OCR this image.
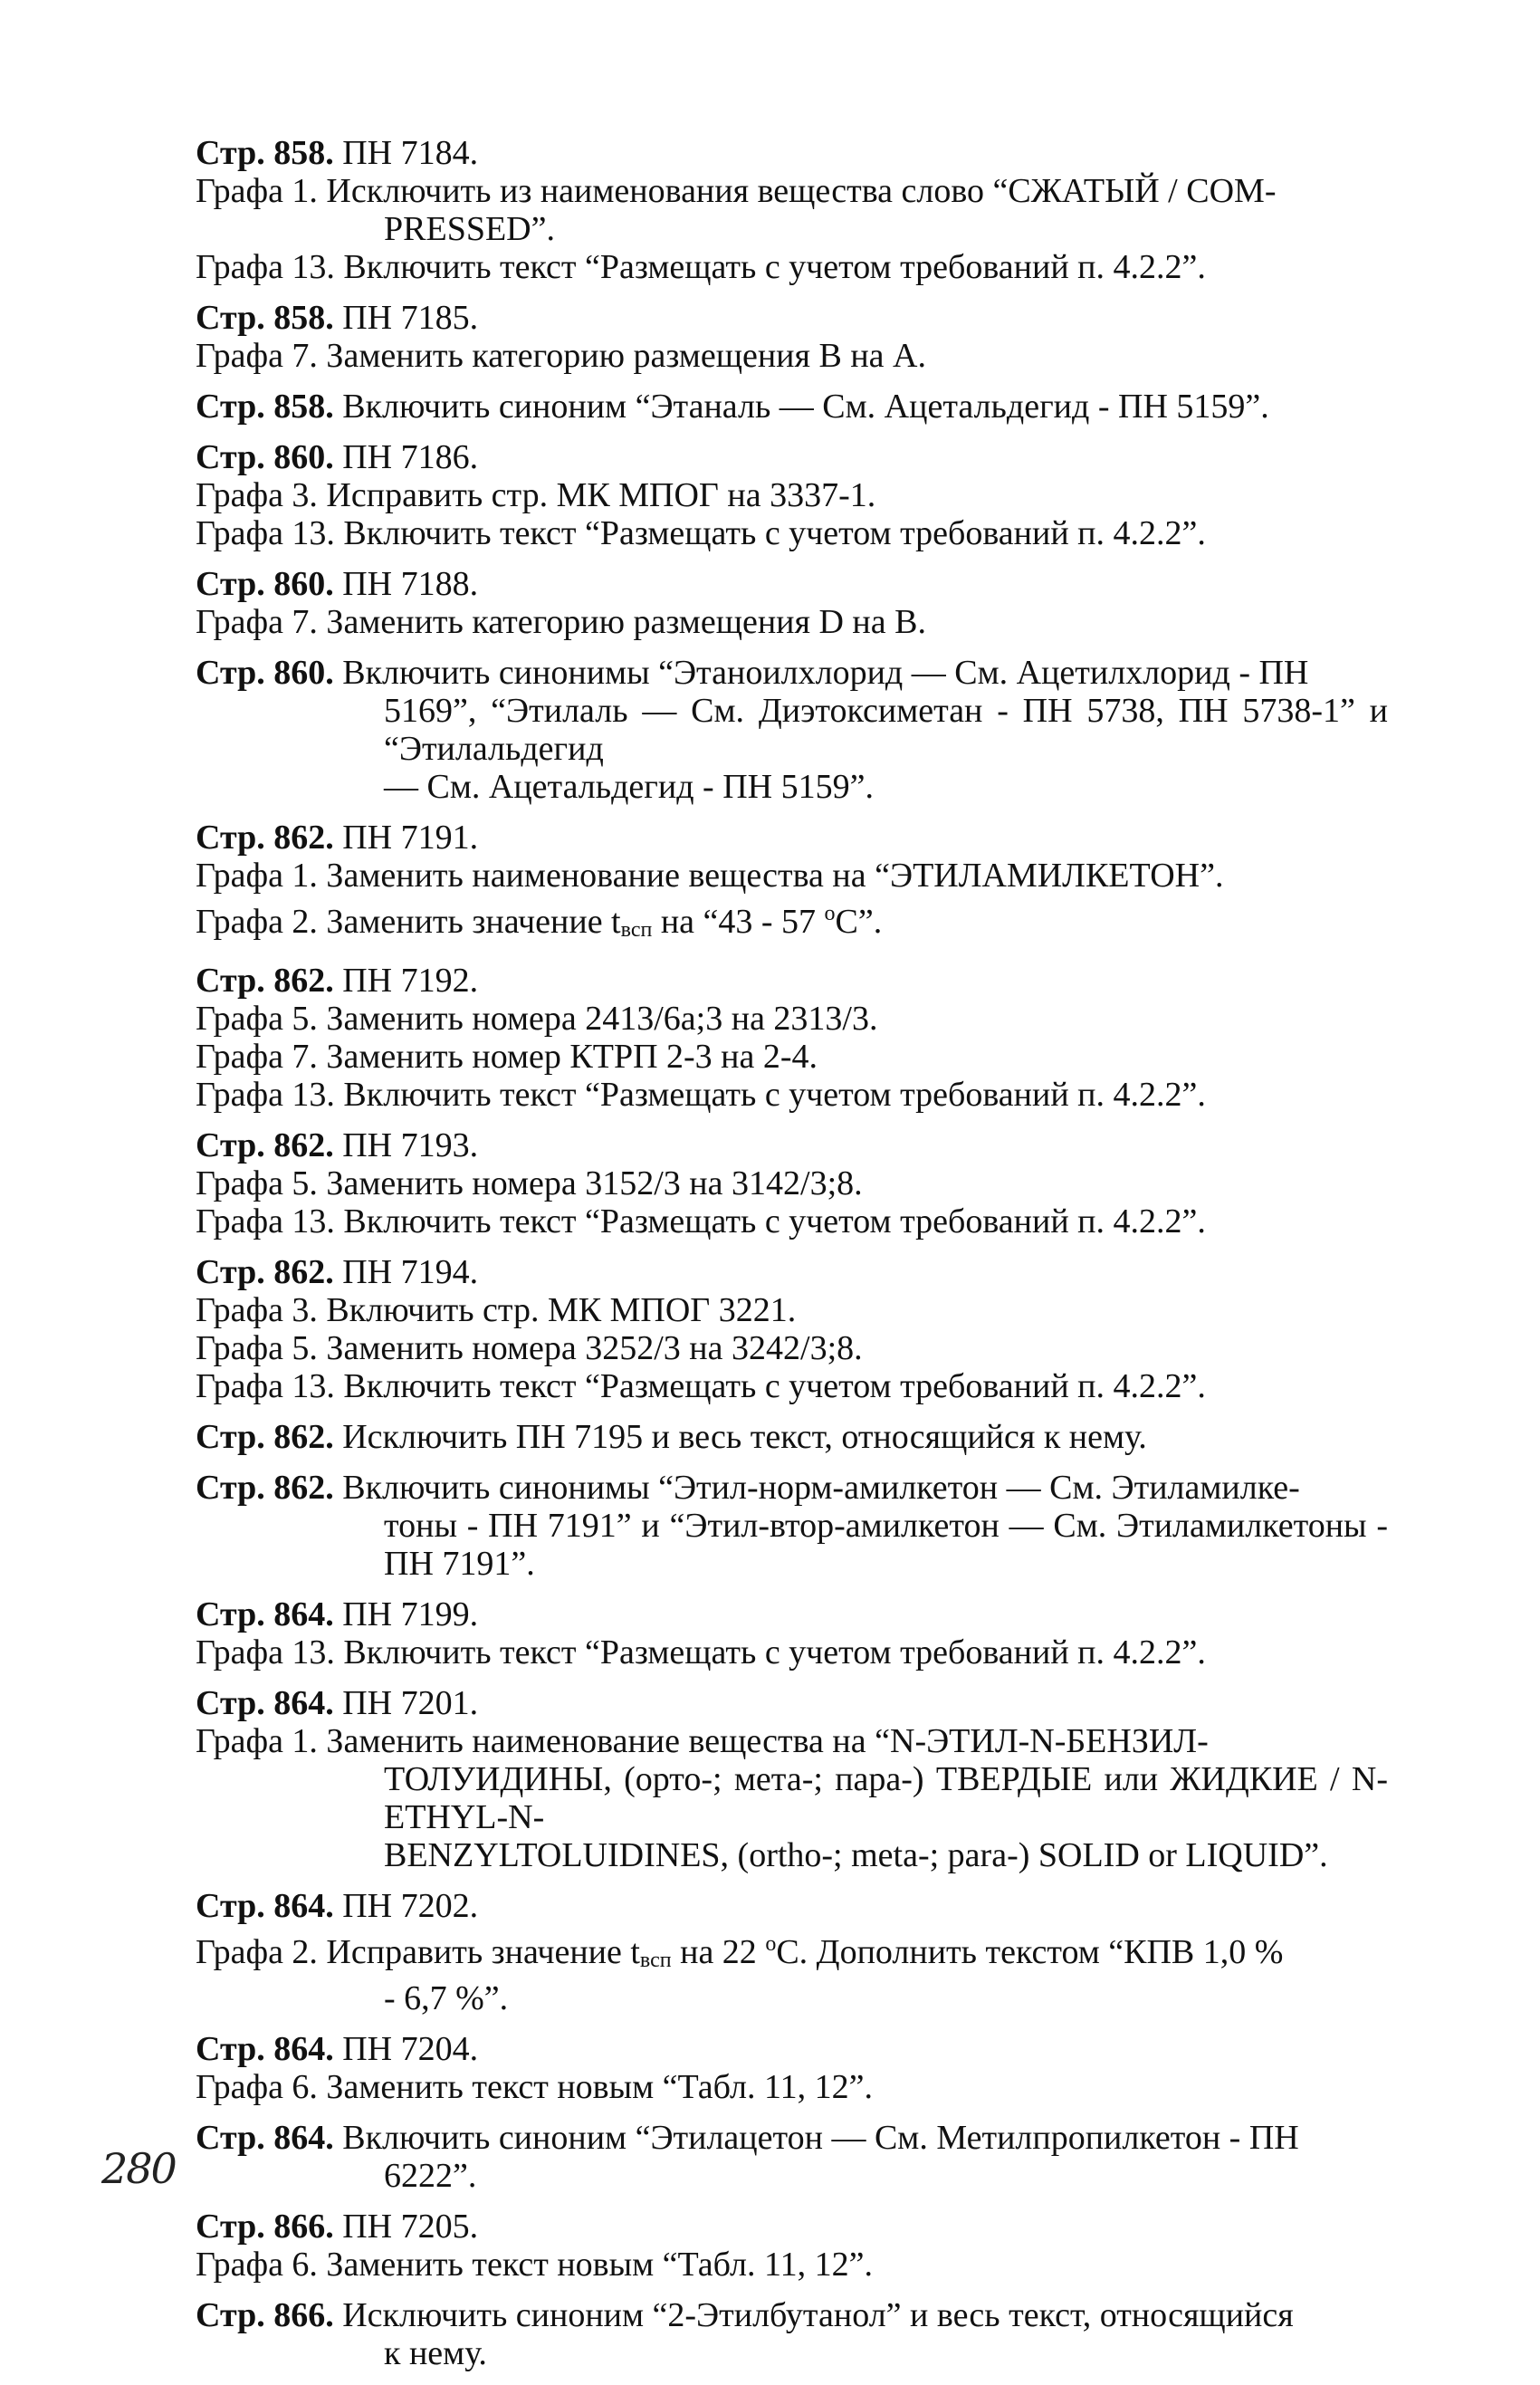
Стр. 858. ПН 7184.
Графа 1. Исключить из наименования вещества слово “СЖАТЫЙ / COM-
PRESSED”.
Графа 13. Включить текст “Размещать с учетом требований п. 4.2.2”.
Стр. 858. ПН 7185.
Графа 7. Заменить категорию размещения В на А.
Стр. 858. Включить синоним “Этаналь — См. Ацетальдегид - ПН 5159”.
Стр. 860. ПН 7186.
Графа 3. Исправить стр. МК МПОГ на 3337-1.
Графа 13. Включить текст “Размещать с учетом требований п. 4.2.2”.
Стр. 860. ПН 7188.
Графа 7. Заменить категорию размещения D на В.
Стр. 860. Включить синонимы “Этаноилхлорид — См. Ацетилхлорид - ПН
5169”, “Этилаль — См. Диэтоксиметан - ПН 5738, ПН 5738-1” и “Этилальдегид
— См. Ацетальдегид - ПН 5159”.
Стр. 862. ПН 7191.
Графа 1. Заменить наименование вещества на “ЭТИЛАМИЛКЕТОН”.
Графа 2. Заменить значение $t_{всп}$ на “43 - 57 $^о$С”.
Стр. 862. ПН 7192.
Графа 5. Заменить номера 2413/6а;3 на 2313/3.
Графа 7. Заменить номер КТРП 2-3 на 2-4.
Графа 13. Включить текст “Размещать с учетом требований п. 4.2.2”.
Стр. 862. ПН 7193.
Графа 5. Заменить номера 3152/3 на 3142/3;8.
Графа 13. Включить текст “Размещать с учетом требований п. 4.2.2”.
Стр. 862. ПН 7194.
Графа 3. Включить стр. МК МПОГ 3221.
Графа 5. Заменить номера 3252/3 на 3242/3;8.
Графа 13. Включить текст “Размещать с учетом требований п. 4.2.2”.
Стр. 862. Исключить ПН 7195 и весь текст, относящийся к нему.
Стр. 862. Включить синонимы “Этил-норм-амилкетон — См. Этиламилке-
тоны - ПН 7191” и “Этил-втор-амилкетон — См. Этиламилкетоны - ПН 7191”.
Стр. 864. ПН 7199.
Графа 13. Включить текст “Размещать с учетом требований п. 4.2.2”.
Стр. 864. ПН 7201.
Графа 1. Заменить наименование вещества на “N-ЭТИЛ-N-БЕНЗИЛ-
ТОЛУИДИНЫ, (орто-; мета-; пара-) ТВЕРДЫЕ или ЖИДКИЕ / N-ETHYL-N-
BENZYLTOLUIDINES, (ortho-; meta-; para-) SOLID or LIQUID”.
Стр. 864. ПН 7202.
Графа 2. Исправить значение $t_{всп}$ на 22 $^о$С. Дополнить текстом “КПВ 1,0 %
- 6,7 %”.
Стр. 864. ПН 7204.
Графа 6. Заменить текст новым “Табл. 11, 12”.
Стр. 864. Включить синоним “Этилацетон — См. Метилпропилкетон - ПН
6222”.
Стр. 866. ПН 7205.
Графа 6. Заменить текст новым “Табл. 11, 12”.
Стр. 866. Исключить синоним “2-Этилбутанол” и весь текст, относящийся
к нему.
280
